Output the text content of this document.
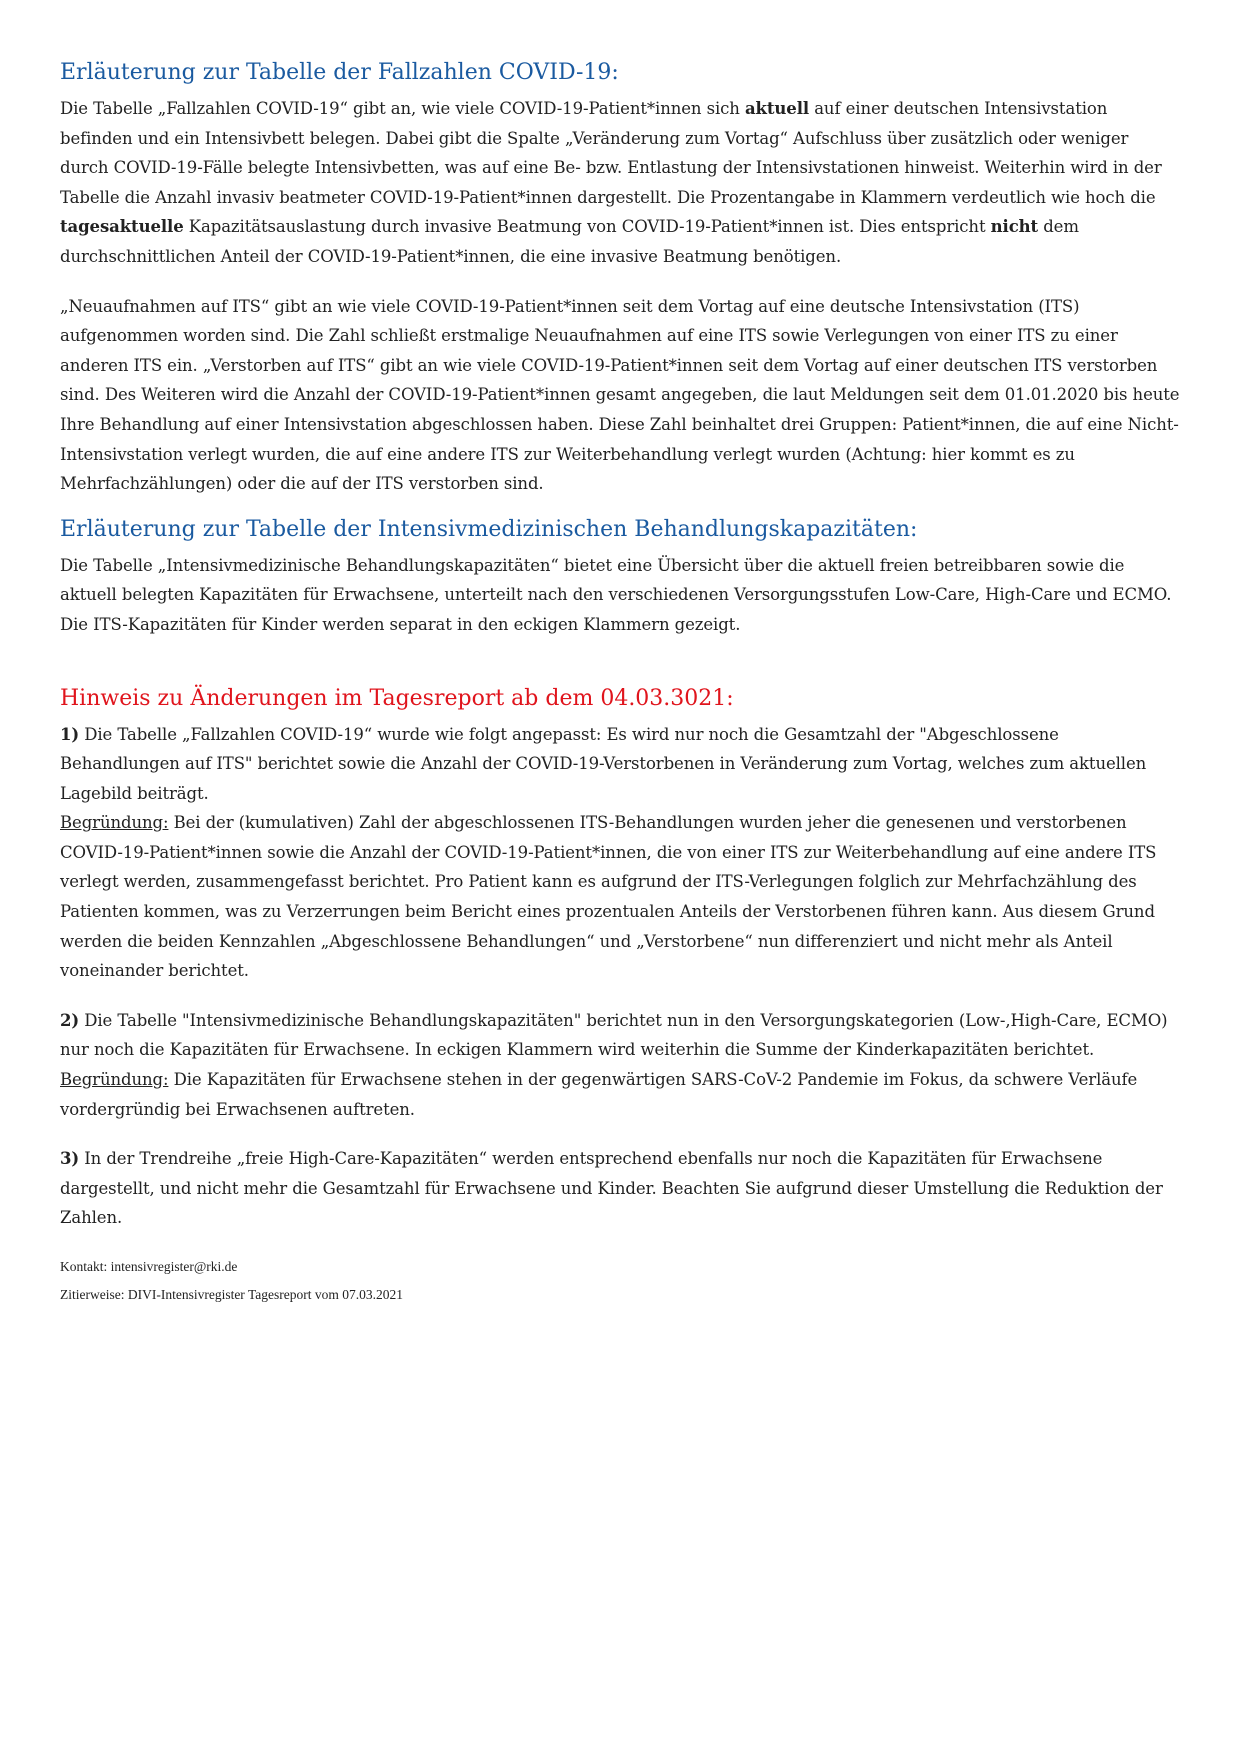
Erläuterung zur Tabelle der Fallzahlen COVID-19:

Die Tabelle „Fallzahlen COVID-19“ gibt an, wie viele COVID-19-Patient*innen sich aktuell auf einer deutschen Intensivstation befinden und ein Intensivbett belegen. Dabei gibt die Spalte „Veränderung zum Vortag“ Aufschluss über zusätzlich oder weniger durch COVID-19-Fälle belegte Intensivbetten, was auf eine Be- bzw. Entlastung der Intensivstationen hinweist. Weiterhin wird in der Tabelle die Anzahl invasiv beatmeter COVID-19-Patient*innen dargestellt. Die Prozentangabe in Klammern verdeutlich wie hoch die tagesaktuelle Kapazitätsauslastung durch invasive Beatmung von COVID-19-Patient*innen ist. Dies entspricht nicht dem durchschnittlichen Anteil der COVID-19-Patient*innen, die eine invasive Beatmung benötigen.

„Neuaufnahmen auf ITS“ gibt an wie viele COVID-19-Patient*innen seit dem Vortag auf eine deutsche Intensivstation (ITS) aufgenommen worden sind. Die Zahl schließt erstmalige Neuaufnahmen auf eine ITS sowie Verlegungen von einer ITS zu einer anderen ITS ein. „Verstorben auf ITS“ gibt an wie viele COVID-19-Patient*innen seit dem Vortag auf einer deutschen ITS verstorben sind. Des Weiteren wird die Anzahl der COVID-19-Patient*innen gesamt angegeben, die laut Meldungen seit dem 01.01.2020 bis heute Ihre Behandlung auf einer Intensivstation abgeschlossen haben. Diese Zahl beinhaltet drei Gruppen: Patient*innen, die auf eine Nicht-Intensivstation verlegt wurden, die auf eine andere ITS zur Weiterbehandlung verlegt wurden (Achtung: hier kommt es zu Mehrfachzählungen) oder die auf der ITS verstorben sind.

Erläuterung zur Tabelle der Intensivmedizinischen Behandlungskapazitäten:

Die Tabelle „Intensivmedizinische Behandlungskapazitäten“ bietet eine Übersicht über die aktuell freien betreibbaren sowie die aktuell belegten Kapazitäten für Erwachsene, unterteilt nach den verschiedenen Versorgungsstufen Low-Care, High-Care und ECMO. Die ITS-Kapazitäten für Kinder werden separat in den eckigen Klammern gezeigt.

Hinweis zu Änderungen im Tagesreport ab dem 04.03.3021:

1) Die Tabelle „Fallzahlen COVID-19“ wurde wie folgt angepasst: Es wird nur noch die Gesamtzahl der "Abgeschlossene Behandlungen auf ITS" berichtet sowie die Anzahl der COVID-19-Verstorbenen in Veränderung zum Vortag, welches zum aktuellen Lagebild beiträgt.
Begründung: Bei der (kumulativen) Zahl der abgeschlossenen ITS-Behandlungen wurden jeher die genesenen und verstorbenen COVID-19-Patient*innen sowie die Anzahl der COVID-19-Patient*innen, die von einer ITS zur Weiterbehandlung auf eine andere ITS verlegt werden, zusammengefasst berichtet. Pro Patient kann es aufgrund der ITS-Verlegungen folglich zur Mehrfachzählung des Patienten kommen, was zu Verzerrungen beim Bericht eines prozentualen Anteils der Verstorbenen führen kann. Aus diesem Grund werden die beiden Kennzahlen „Abgeschlossene Behandlungen“ und „Verstorbene“ nun differenziert und nicht mehr als Anteil voneinander berichtet.

2) Die Tabelle "Intensivmedizinische Behandlungskapazitäten" berichtet nun in den Versorgungskategorien (Low-,High-Care, ECMO) nur noch die Kapazitäten für Erwachsene. In eckigen Klammern wird weiterhin die Summe der Kinderkapazitäten berichtet.
Begründung: Die Kapazitäten für Erwachsene stehen in der gegenwärtigen SARS-CoV-2 Pandemie im Fokus, da schwere Verläufe vordergründig bei Erwachsenen auftreten.

3) In der Trendreihe „freie High-Care-Kapazitäten“ werden entsprechend ebenfalls nur noch die Kapazitäten für Erwachsene dargestellt, und nicht mehr die Gesamtzahl für Erwachsene und Kinder. Beachten Sie aufgrund dieser Umstellung die Reduktion der Zahlen.

Kontakt: intensivregister@rki.de
Zitierweise: DIVI-Intensivregister Tagesreport vom 07.03.2021
